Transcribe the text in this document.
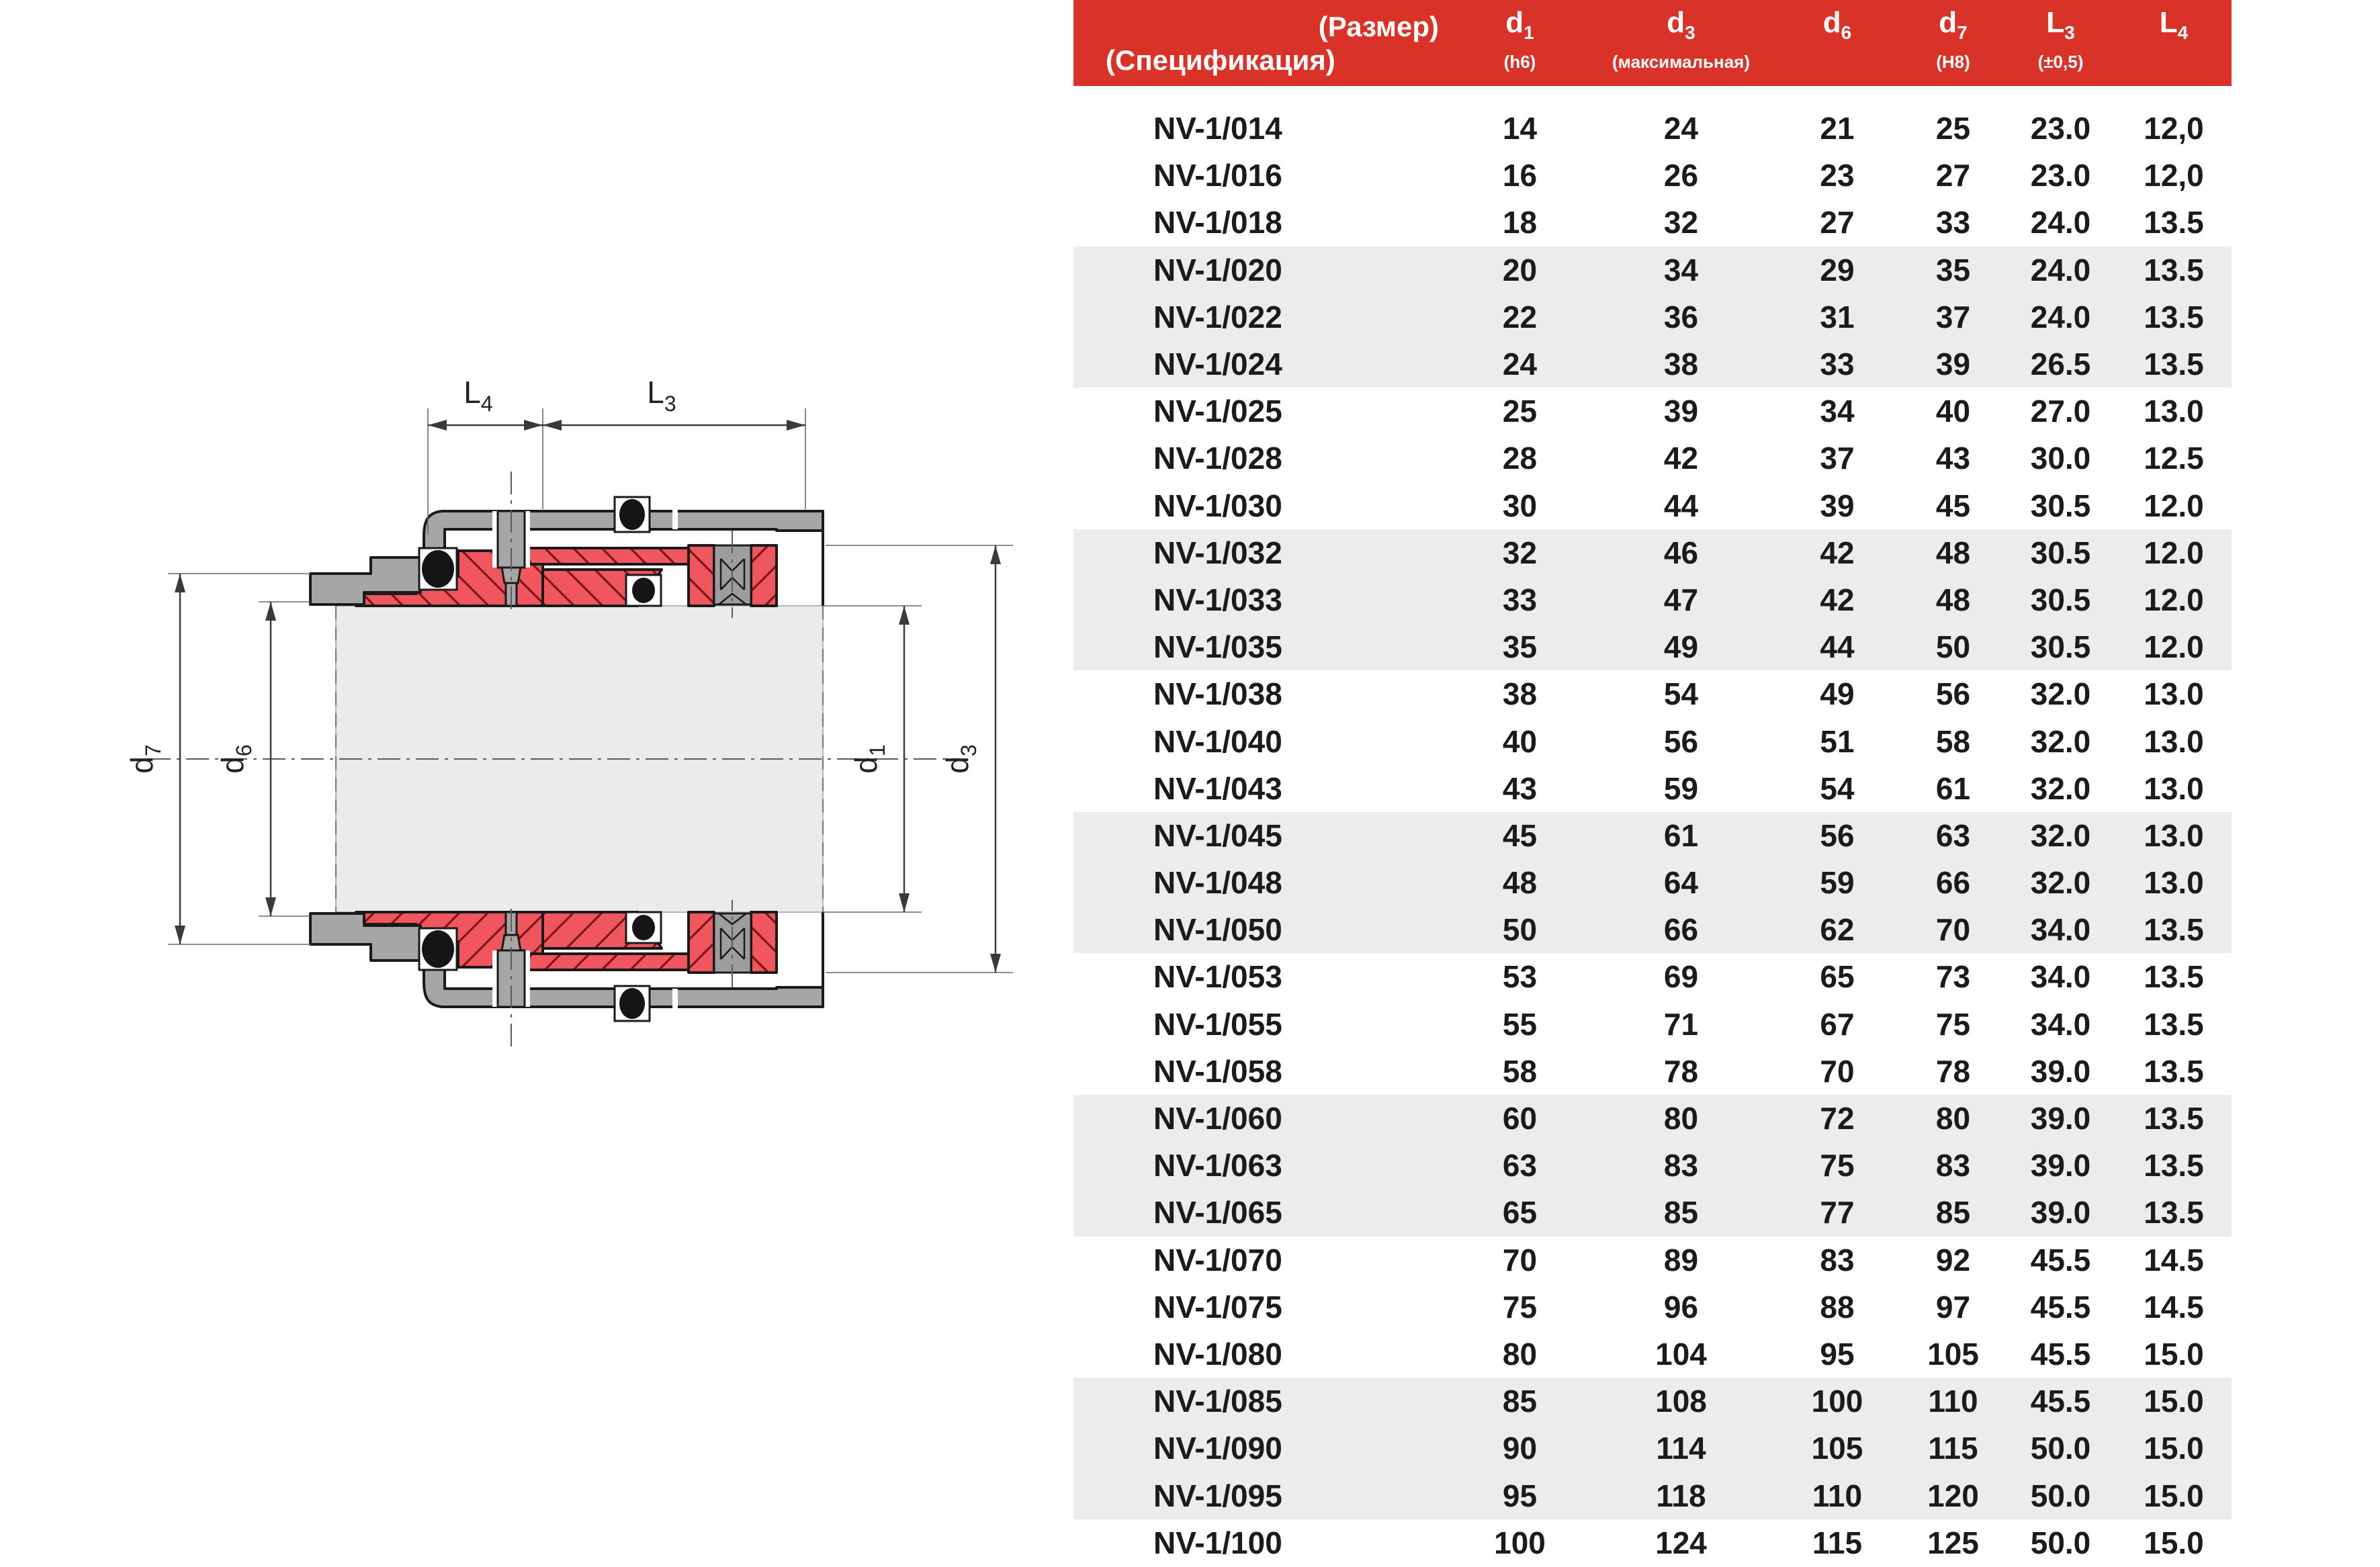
$L_4$	$L_3$
$d_7$
$d_6$
$d_1$
$d_3$
(Размер)
(Спецификация)
$d_1$
(h6)
$d_3$
(максимальная)
$d_6$	$d_7$
(H8)
$L_3$
(±0,5)
$L_4$
NV-1/014	14	24	21	25	23.0	12,0
NV-1/016	16	26	23	27	23.0	12,0
NV-1/018	18	32	27	33	24.0	13.5
NV-1/020	20	34	29	35	24.0	13.5
NV-1/022	22	36	31	37	24.0	13.5
NV-1/024	24	38	33	39	26.5	13.5
NV-1/025	25	39	34	40	27.0	13.0
NV-1/028	28	42	37	43	30.0	12.5
NV-1/030	30	44	39	45	30.5	12.0
NV-1/032	32	46	42	48	30.5	12.0
NV-1/033	33	47	42	48	30.5	12.0
NV-1/035	35	49	44	50	30.5	12.0
NV-1/038	38	54	49	56	32.0	13.0
NV-1/040	40	56	51	58	32.0	13.0
NV-1/043	43	59	54	61	32.0	13.0
NV-1/045	45	61	56	63	32.0	13.0
NV-1/048	48	64	59	66	32.0	13.0
NV-1/050	50	66	62	70	34.0	13.5
NV-1/053	53	69	65	73	34.0	13.5
NV-1/055	55	71	67	75	34.0	13.5
NV-1/058	58	78	70	78	39.0	13.5
NV-1/060	60	80	72	80	39.0	13.5
NV-1/063	63	83	75	83	39.0	13.5
NV-1/065	65	85	77	85	39.0	13.5
NV-1/070	70	89	83	92	45.5	14.5
NV-1/075	75	96	88	97	45.5	14.5
NV-1/080	80	104	95	105	45.5	15.0
NV-1/085	85	108	100	110	45.5	15.0
NV-1/090	90	114	105	115	50.0	15.0
NV-1/095	95	118	110	120	50.0	15.0
NV-1/100	100	124	115	125	50.0	15.0
